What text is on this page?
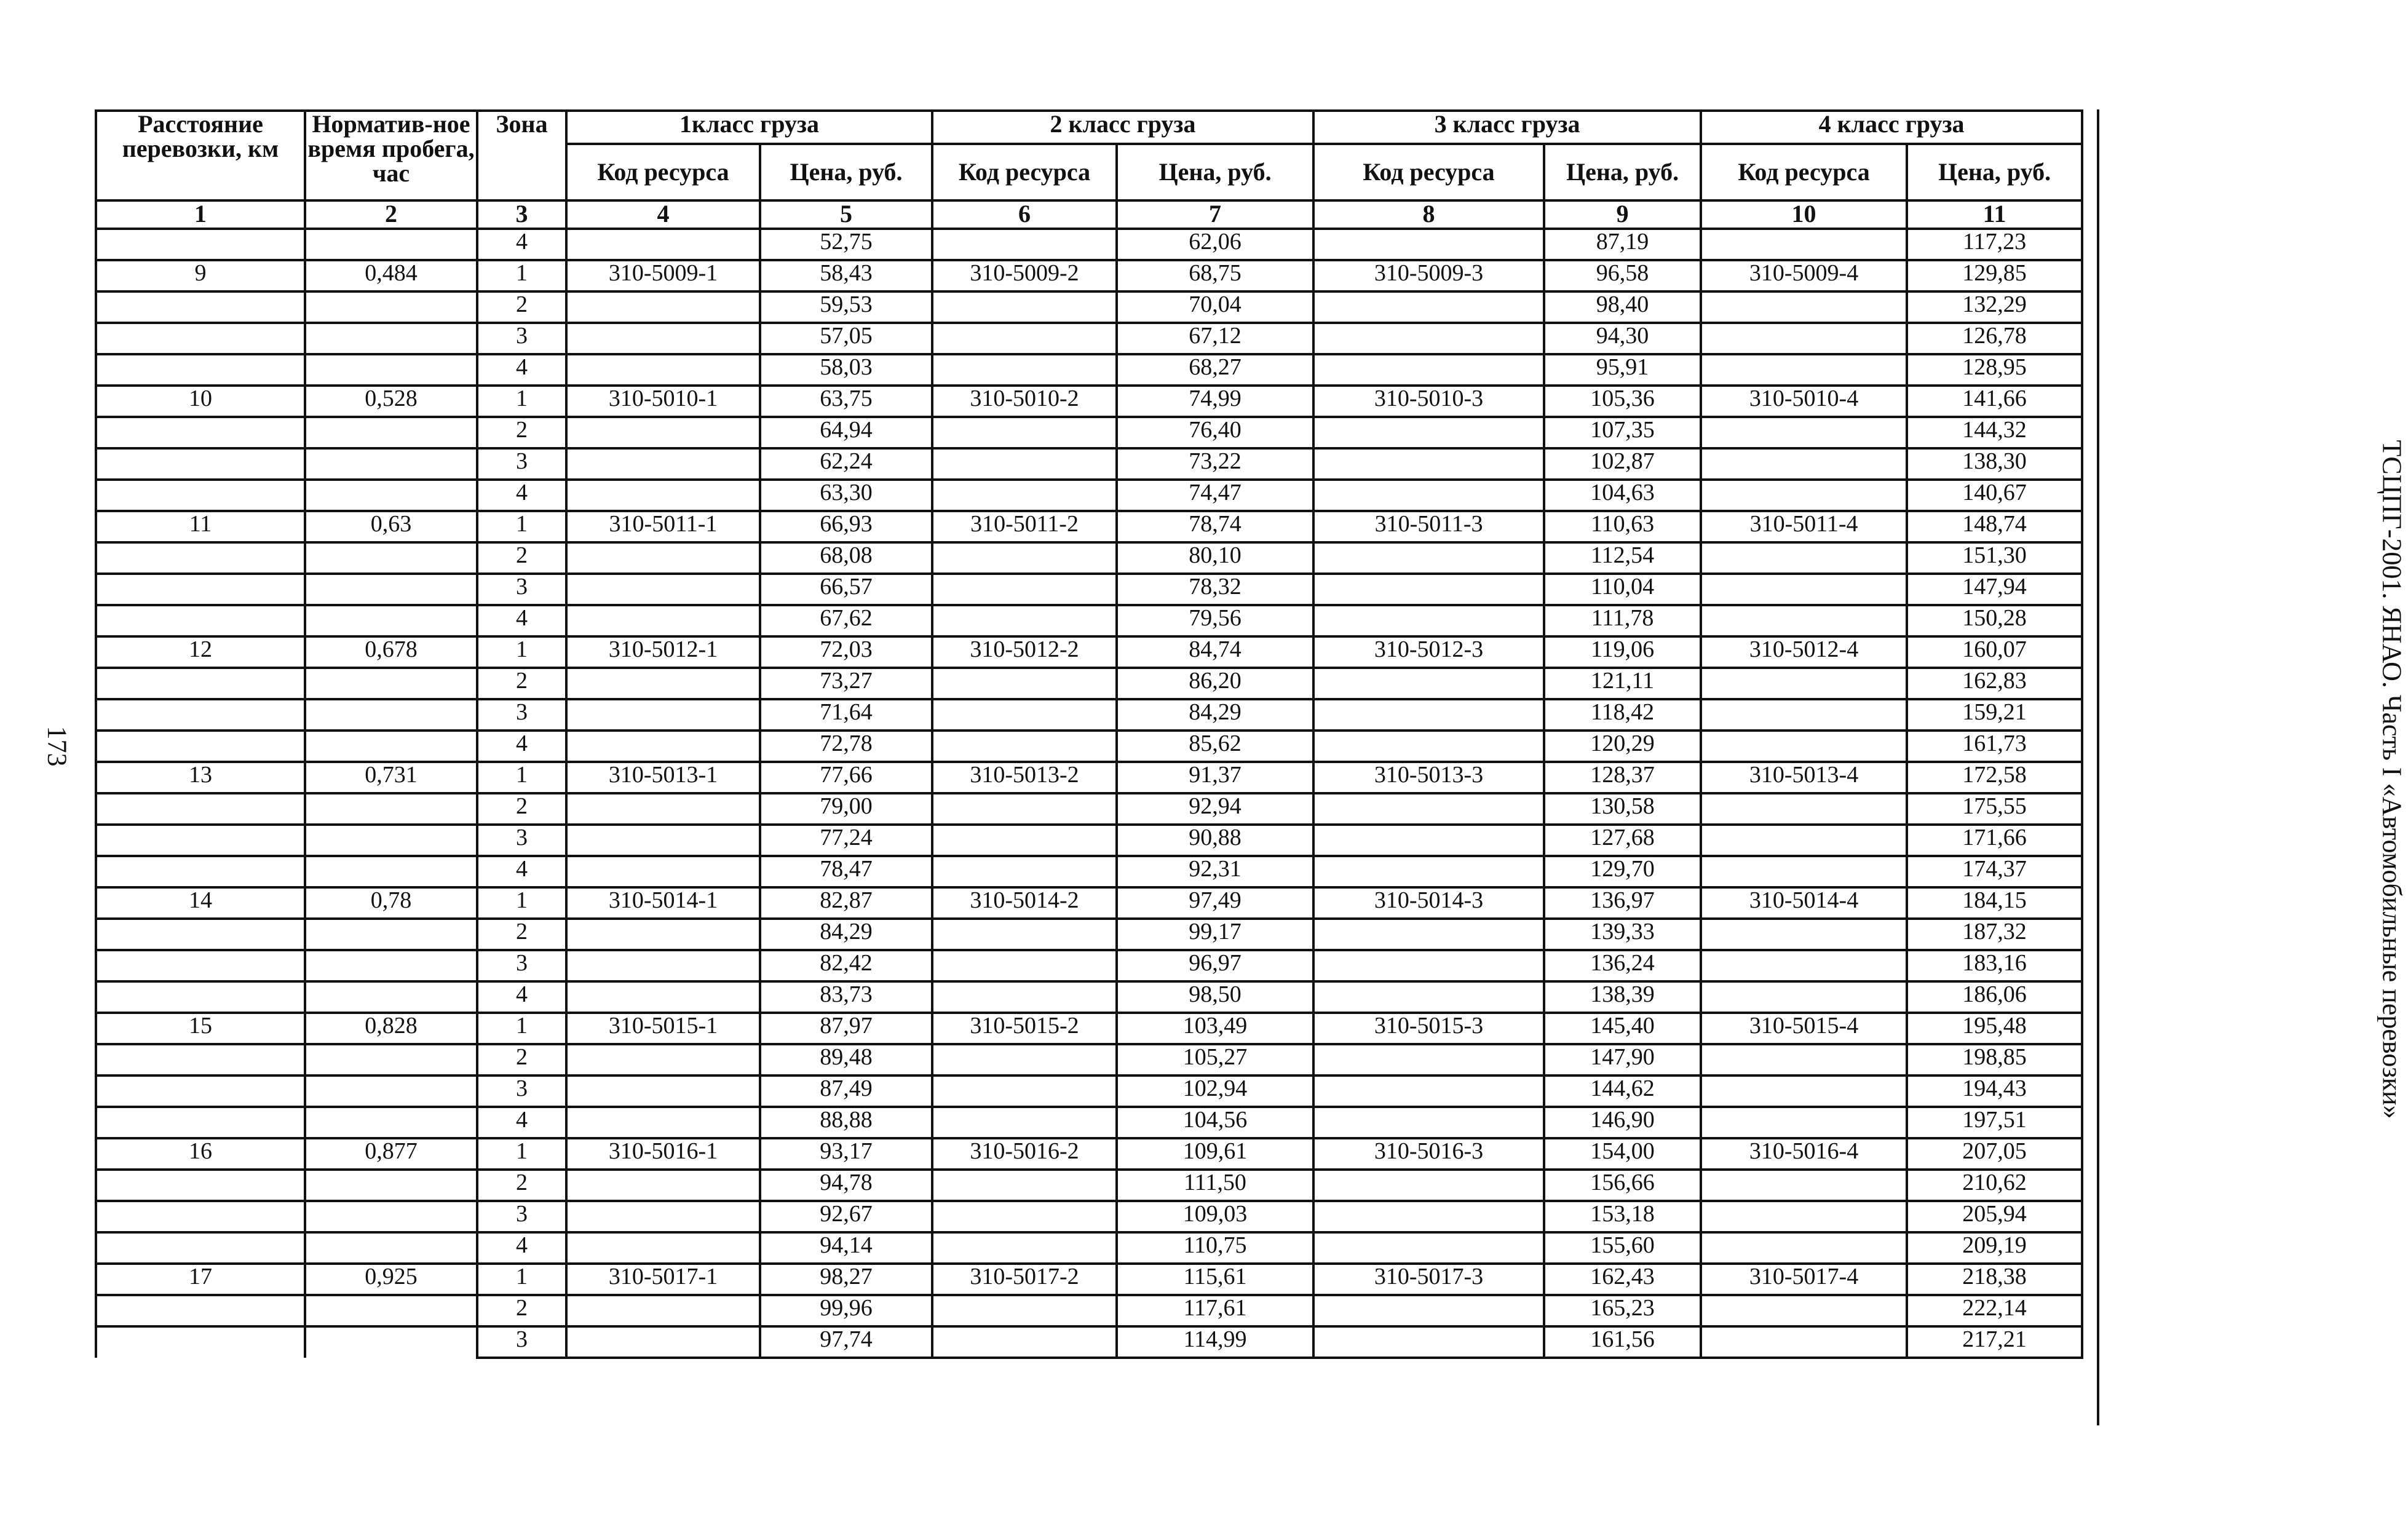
173	ТСЦПГ-2001. ЯНАО. Часть I «Автомобильные перевозки»
Расстояние перевозки, км	Норматив-ное время пробега, час	Зона	1класс груза		2 класс груза		3 класс груза		4 класс груза	
			Код ресурса	Цена, руб.	Код ресурса	Цена, руб.	Код ресурса	Цена, руб.	Код ресурса	Цена, руб.
1	2	3	4	5	6	7	8	9	10	11
		4		52,75		62,06		87,19		117,23
9	0,484	1	310-5009-1	58,43	310-5009-2	68,75	310-5009-3	96,58	310-5009-4	129,85
		2		59,53		70,04		98,40		132,29
		3		57,05		67,12		94,30		126,78
		4		58,03		68,27		95,91		128,95
10	0,528	1	310-5010-1	63,75	310-5010-2	74,99	310-5010-3	105,36	310-5010-4	141,66
		2		64,94		76,40		107,35		144,32
		3		62,24		73,22		102,87		138,30
		4		63,30		74,47		104,63		140,67
11	0,63	1	310-5011-1	66,93	310-5011-2	78,74	310-5011-3	110,63	310-5011-4	148,74
		2		68,08		80,10		112,54		151,30
		3		66,57		78,32		110,04		147,94
		4		67,62		79,56		111,78		150,28
12	0,678	1	310-5012-1	72,03	310-5012-2	84,74	310-5012-3	119,06	310-5012-4	160,07
		2		73,27		86,20		121,11		162,83
		3		71,64		84,29		118,42		159,21
		4		72,78		85,62		120,29		161,73
13	0,731	1	310-5013-1	77,66	310-5013-2	91,37	310-5013-3	128,37	310-5013-4	172,58
		2		79,00		92,94		130,58		175,55
		3		77,24		90,88		127,68		171,66
		4		78,47		92,31		129,70		174,37
14	0,78	1	310-5014-1	82,87	310-5014-2	97,49	310-5014-3	136,97	310-5014-4	184,15
		2		84,29		99,17		139,33		187,32
		3		82,42		96,97		136,24		183,16
		4		83,73		98,50		138,39		186,06
15	0,828	1	310-5015-1	87,97	310-5015-2	103,49	310-5015-3	145,40	310-5015-4	195,48
		2		89,48		105,27		147,90		198,85
		3		87,49		102,94		144,62		194,43
		4		88,88		104,56		146,90		197,51
16	0,877	1	310-5016-1	93,17	310-5016-2	109,61	310-5016-3	154,00	310-5016-4	207,05
		2		94,78		111,50		156,66		210,62
		3		92,67		109,03		153,18		205,94
		4		94,14		110,75		155,60		209,19
17	0,925	1	310-5017-1	98,27	310-5017-2	115,61	310-5017-3	162,43	310-5017-4	218,38
		2		99,96		117,61		165,23		222,14
		3		97,74		114,99		161,56		217,21
